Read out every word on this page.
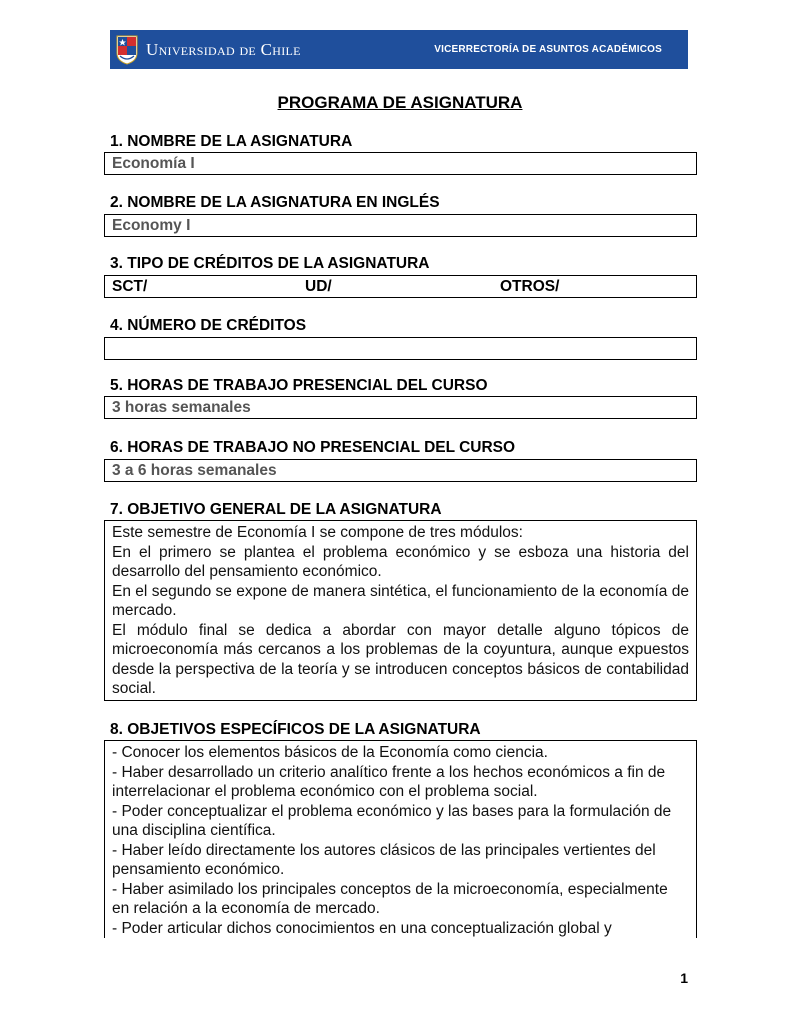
Universidad de Chile	VICERRECTORÍA DE ASUNTOS ACADÉMICOS
PROGRAMA DE ASIGNATURA
1. NOMBRE DE LA ASIGNATURA
Economía I
2. NOMBRE DE LA ASIGNATURA EN INGLÉS
Economy I
3. TIPO DE CRÉDITOS DE LA ASIGNATURA
SCT/	UD/	OTROS/
4. NÚMERO DE CRÉDITOS
5. HORAS DE TRABAJO PRESENCIAL DEL CURSO
3 horas semanales
6. HORAS DE TRABAJO NO PRESENCIAL DEL CURSO
3 a 6 horas semanales
7. OBJETIVO GENERAL DE LA ASIGNATURA

Este semestre de Economía I se compone de tres módulos:

En el primero se plantea el problema económico y se esboza una historia del desarrollo del pensamiento económico.

En el segundo se expone de manera sintética, el funcionamiento de la economía de mercado.

El módulo final se dedica a abordar con mayor detalle alguno tópicos de microeconomía más cercanos a los problemas de la coyuntura, aunque expuestos desde la perspectiva de la teoría y se introducen conceptos básicos de contabilidad social.

8. OBJETIVOS ESPECÍFICOS DE LA ASIGNATURA

- Conocer los elementos básicos de la Economía como ciencia.

- Haber desarrollado un criterio analítico frente a los hechos económicos a fin de interrelacionar el problema económico con el problema social.

- Poder conceptualizar el problema económico y las bases para la formulación de una disciplina científica.

- Haber leído directamente los autores clásicos de las principales vertientes del pensamiento económico.

- Haber asimilado los principales conceptos de la microeconomía, especialmente en relación a la economía de mercado.

- Poder articular dichos conocimientos en una conceptualización global y

1
